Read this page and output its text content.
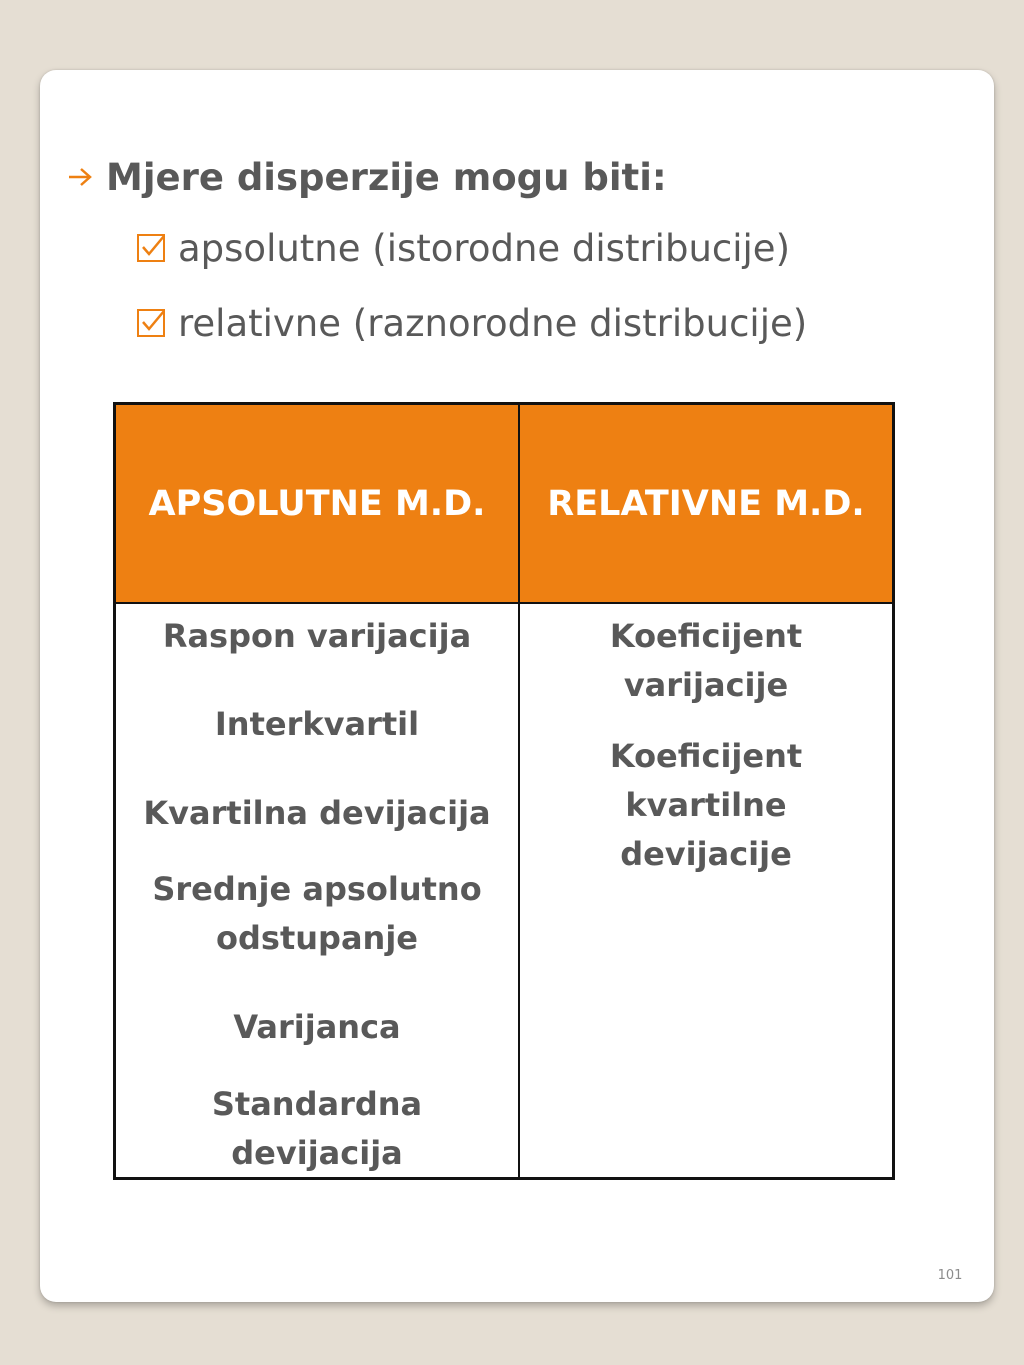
Mjere disperzije mogu biti:
apsolutne (istorodne distribucije)
relativne (raznorodne distribucije)
APSOLUTNE M.D.	RELATIVNE M.D.
Raspon varijacija
Interkvartil
Kvartilna devijacija
Srednje apsolutno
odstupanje
Varijanca
Standardna
devijacija
Koeficijent
varijacije
Koeficijent
kvartilne
devijacije
101
